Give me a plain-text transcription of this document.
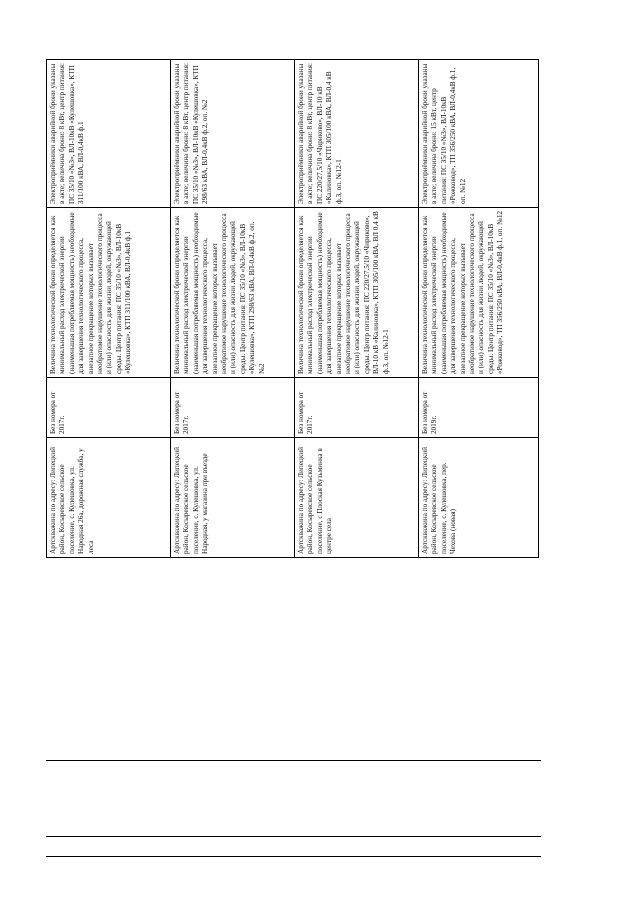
Артскважина по адресу: Липецкий район, Косыревское сельское поселение, с. Кулешовка, ул. Народная 26а, дорожная служба, у леса	Без номера от 2017г.	Величина технологической брони определяется как минимальный расход электрической энергии (наименьшая потребляемая мощность) необходимые для завершения технологического процесса, внезапное прекращение которых вызывает необратимое нарушение технологического процесса и (или) опасность для жизни людей, окружающей среды. Центр питания: ПС 35/10 «№3», ВЛ-10кВ «Кулешовка», КТП 311/100 кВА, ВЛ-0,4кВ ф.1	Электроприёмники аварийной брони указаны в акте; величина брони: 8 кВт, центр питания: ПС 35/10 «№3», ВЛ-10кВ «Кулешовка», КТП 311/100 кВА, ВЛ-0,4кВ ф.1
Артскважина по адресу: Липецкий район, Косыревское сельское поселение, с. Кулешовка, ул. Народная, у магазина при въезде	Без номера от 2017г.	Величина технологической брони определяется как минимальный расход электрической энергии (наименьшая потребляемая мощность) необходимые для завершения технологического процесса, внезапное прекращение которых вызывает необратимое нарушение технологического процесса и (или) опасность для жизни людей, окружающей среды. Центр питания: ПС 35/10 «№3», ВЛ-10кВ «Кулешовка», КТП 298/63 кВА, ВЛ-0,4кВ ф.2, оп. №2	Электроприёмники аварийной брони указаны в акте; величина брони: 8 кВт, центр питания: ПС 35/10 «№3», ВЛ-10кВ «Кулешовка», КТП 298/63 кВА, ВЛ-0,4кВ ф.2, оп. №2
Артскважина по адресу: Липецкий район, Косыревское сельское поселение, с Плоская Кузьминка в центре села	Без номера от 2017г.	Величина технологической брони определяется как минимальный расход электрической энергии (наименьшая потребляемая мощность) необходимые для завершения технологического процесса, внезапное прекращение которых вызывает необратимое нарушение технологического процесса и (или) опасность для жизни людей, окружающей среды. Центр питания: ПС 220/27,5/10 «Чириково», ВЛ-10 кВ «Калиновка», КТП 305/100 кВА, ВЛ 0,4 кВ ф.3, оп. №12-1	Электроприёмники аварийной брони указаны в акте; величина брони: 8 кВт, центр питания: ПС 220/27,5/10 «Чириково», ВЛ-10 кВ «Калиновка», КТП 305/100 кВА, ВЛ-0,4 кВ ф.3, оп. №12-1
Артскважина по адресу: Липецкий район, Косыревское сельское поселение, с. Кулешовка, пер. Чехова (новая)	Без номера от 2019г.	Величина технологической брони определяется как минимальный расход электрической энергии (наименьшая потребляемая мощность) необходимые для завершения технологического процесса, внезапное прекращение которых вызывает необратимое нарушение технологического процесса и (или) опасность для жизни людей, окружающей среды. Центр питания: ПС 35/10 «№3», ВЛ-10кВ «Рожковод», ТП 356/250 кВА, ВЛ-0,4кВ ф.1, оп. №12	Электроприёмники аварийной брони указаны в акте; величина брони: 15 кВт, центр питания: ПС 35/10 «№3», ВЛ-10кВ «Рожковод», ТП 356/250 кВА, ВЛ-0,4кВ ф.1, оп. №12
